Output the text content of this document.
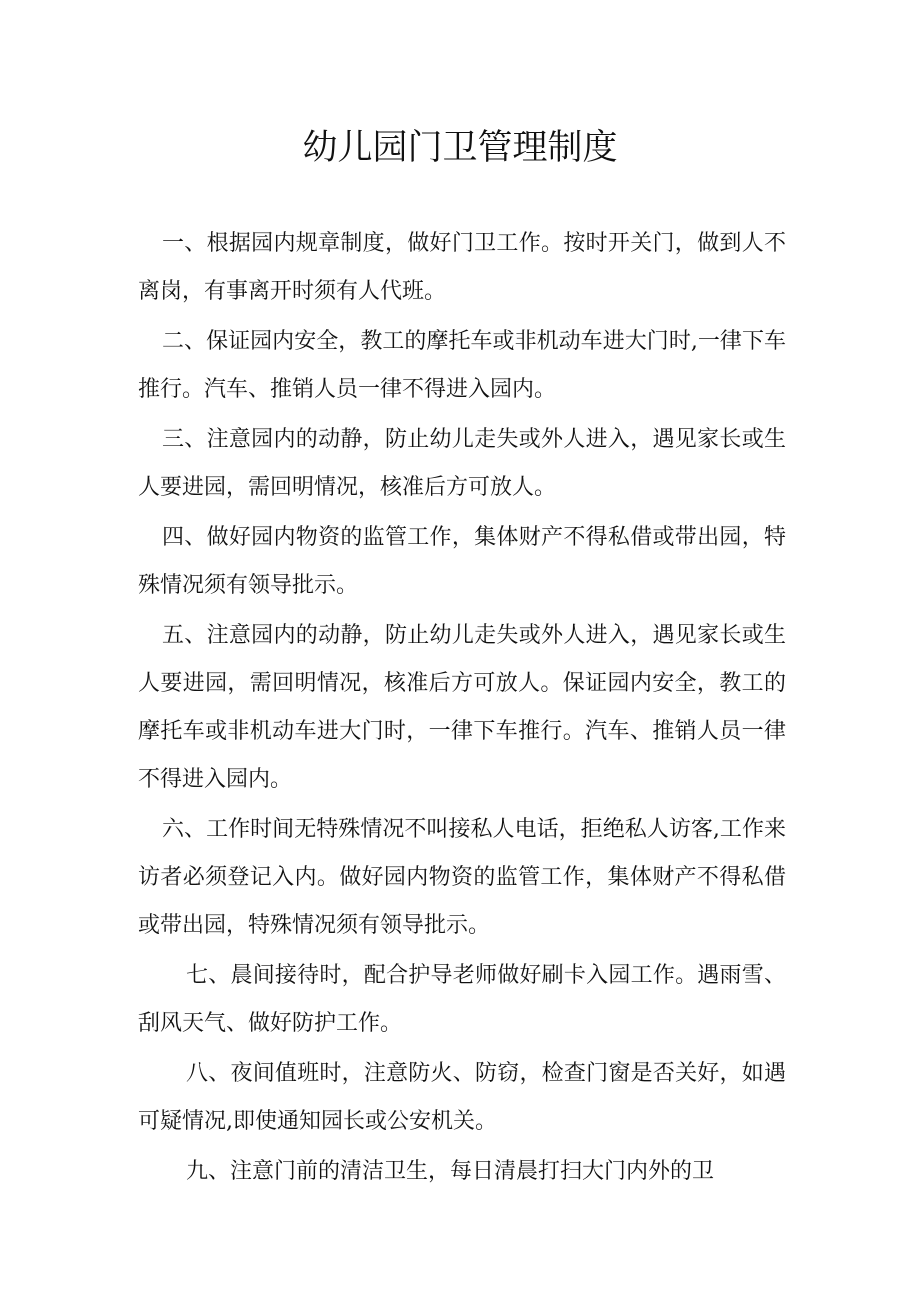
幼儿园门卫管理制度

一、根据园内规章制度，做好门卫工作。按时开关门，做到人不离岗，有事离开时须有人代班。

二、保证园内安全，教工的摩托车或非机动车进大门时,一律下车推行。汽车、推销人员一律不得进入园内。

三、注意园内的动静，防止幼儿走失或外人进入，遇见家长或生人要进园，需回明情况，核准后方可放人。

四、做好园内物资的监管工作，集体财产不得私借或带出园，特殊情况须有领导批示。

五、注意园内的动静，防止幼儿走失或外人进入，遇见家长或生人要进园，需回明情况，核准后方可放人。保证园内安全，教工的摩托车或非机动车进大门时，一律下车推行。汽车、推销人员一律不得进入园内。

六、工作时间无特殊情况不叫接私人电话，拒绝私人访客,工作来访者必须登记入内。做好园内物资的监管工作，集体财产不得私借或带出园，特殊情况须有领导批示。

七、晨间接待时，配合护导老师做好刷卡入园工作。遇雨雪、刮风天气、做好防护工作。

八、夜间值班时，注意防火、防窃，检查门窗是否关好，如遇可疑情况,即使通知园长或公安机关。

九、注意门前的清洁卫生，每日清晨打扫大门内外的卫
